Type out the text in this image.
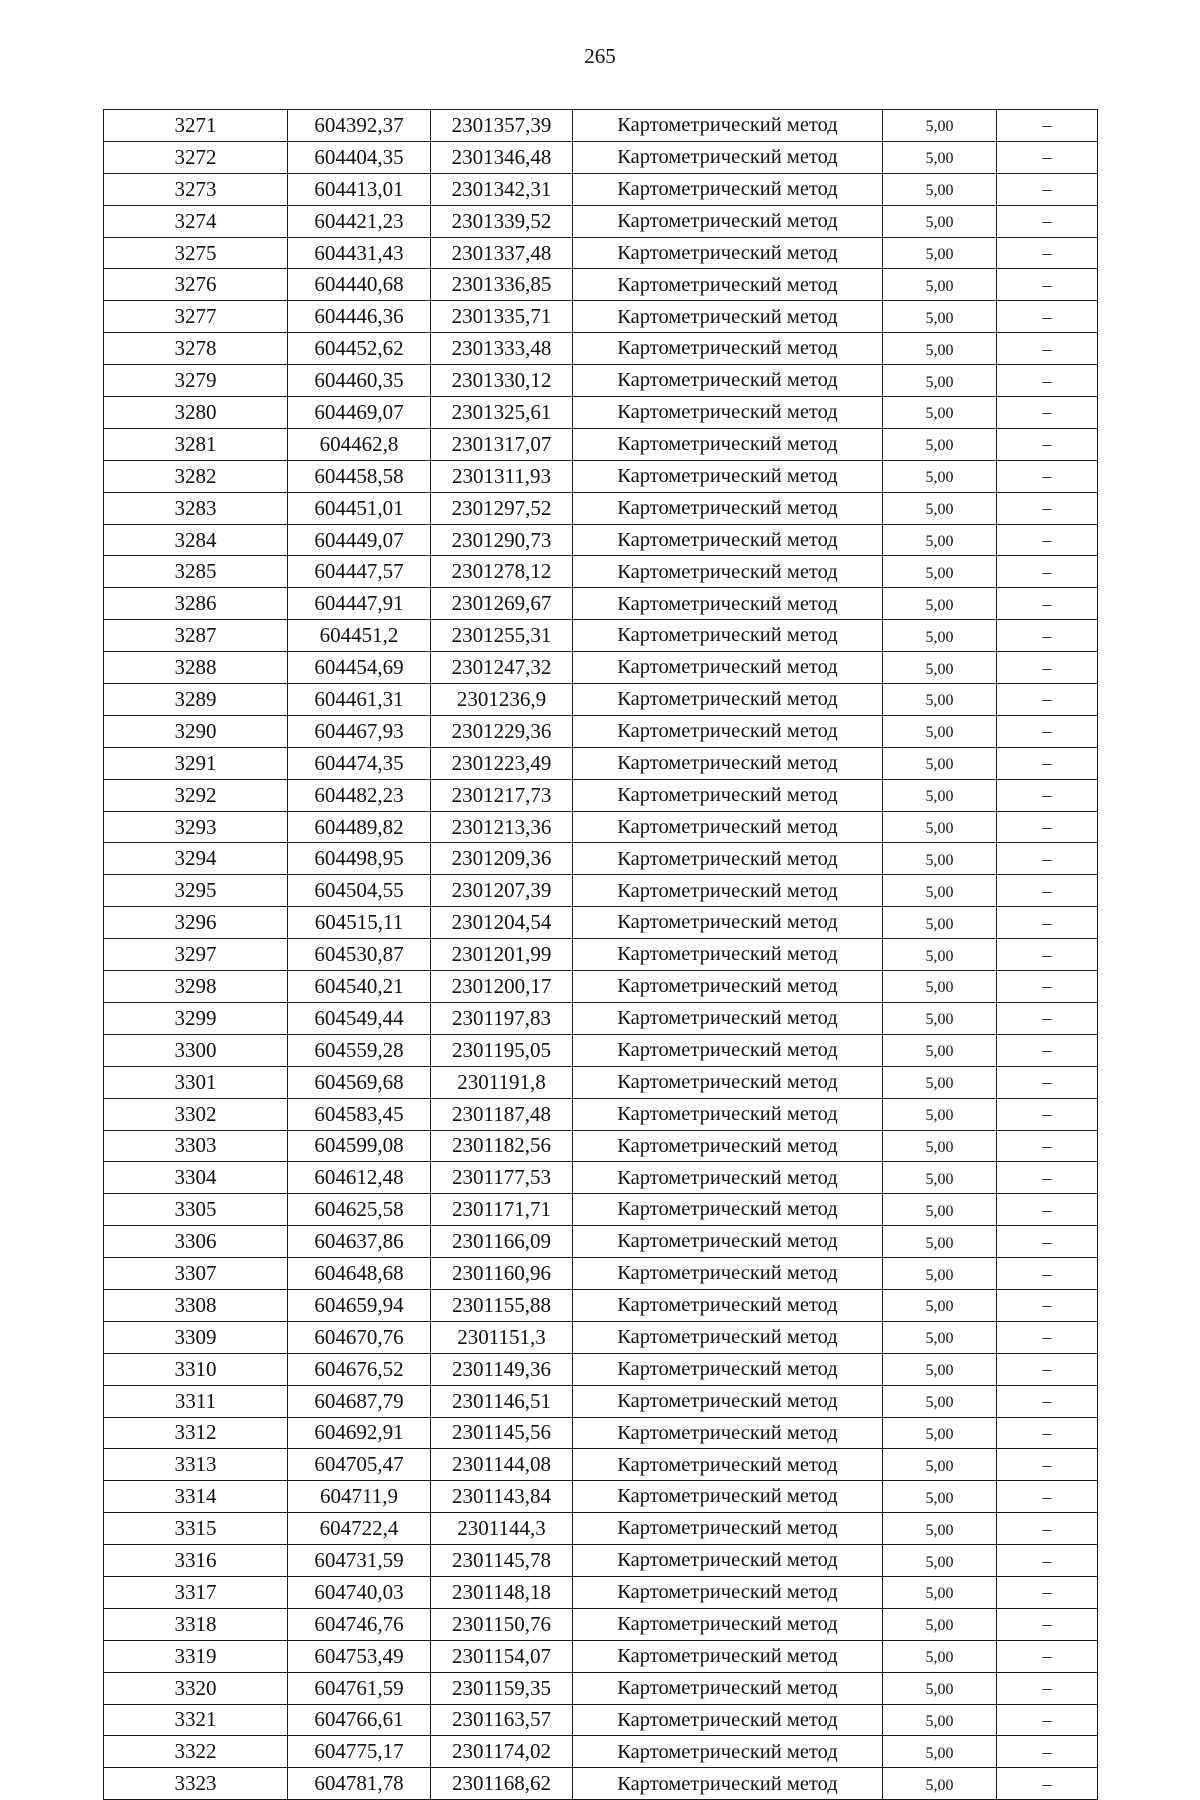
265
3271	604392,37	2301357,39	Картометрический метод	5,00	–
3272	604404,35	2301346,48	Картометрический метод	5,00	–
3273	604413,01	2301342,31	Картометрический метод	5,00	–
3274	604421,23	2301339,52	Картометрический метод	5,00	–
3275	604431,43	2301337,48	Картометрический метод	5,00	–
3276	604440,68	2301336,85	Картометрический метод	5,00	–
3277	604446,36	2301335,71	Картометрический метод	5,00	–
3278	604452,62	2301333,48	Картометрический метод	5,00	–
3279	604460,35	2301330,12	Картометрический метод	5,00	–
3280	604469,07	2301325,61	Картометрический метод	5,00	–
3281	604462,8	2301317,07	Картометрический метод	5,00	–
3282	604458,58	2301311,93	Картометрический метод	5,00	–
3283	604451,01	2301297,52	Картометрический метод	5,00	–
3284	604449,07	2301290,73	Картометрический метод	5,00	–
3285	604447,57	2301278,12	Картометрический метод	5,00	–
3286	604447,91	2301269,67	Картометрический метод	5,00	–
3287	604451,2	2301255,31	Картометрический метод	5,00	–
3288	604454,69	2301247,32	Картометрический метод	5,00	–
3289	604461,31	2301236,9	Картометрический метод	5,00	–
3290	604467,93	2301229,36	Картометрический метод	5,00	–
3291	604474,35	2301223,49	Картометрический метод	5,00	–
3292	604482,23	2301217,73	Картометрический метод	5,00	–
3293	604489,82	2301213,36	Картометрический метод	5,00	–
3294	604498,95	2301209,36	Картометрический метод	5,00	–
3295	604504,55	2301207,39	Картометрический метод	5,00	–
3296	604515,11	2301204,54	Картометрический метод	5,00	–
3297	604530,87	2301201,99	Картометрический метод	5,00	–
3298	604540,21	2301200,17	Картометрический метод	5,00	–
3299	604549,44	2301197,83	Картометрический метод	5,00	–
3300	604559,28	2301195,05	Картометрический метод	5,00	–
3301	604569,68	2301191,8	Картометрический метод	5,00	–
3302	604583,45	2301187,48	Картометрический метод	5,00	–
3303	604599,08	2301182,56	Картометрический метод	5,00	–
3304	604612,48	2301177,53	Картометрический метод	5,00	–
3305	604625,58	2301171,71	Картометрический метод	5,00	–
3306	604637,86	2301166,09	Картометрический метод	5,00	–
3307	604648,68	2301160,96	Картометрический метод	5,00	–
3308	604659,94	2301155,88	Картометрический метод	5,00	–
3309	604670,76	2301151,3	Картометрический метод	5,00	–
3310	604676,52	2301149,36	Картометрический метод	5,00	–
3311	604687,79	2301146,51	Картометрический метод	5,00	–
3312	604692,91	2301145,56	Картометрический метод	5,00	–
3313	604705,47	2301144,08	Картометрический метод	5,00	–
3314	604711,9	2301143,84	Картометрический метод	5,00	–
3315	604722,4	2301144,3	Картометрический метод	5,00	–
3316	604731,59	2301145,78	Картометрический метод	5,00	–
3317	604740,03	2301148,18	Картометрический метод	5,00	–
3318	604746,76	2301150,76	Картометрический метод	5,00	–
3319	604753,49	2301154,07	Картометрический метод	5,00	–
3320	604761,59	2301159,35	Картометрический метод	5,00	–
3321	604766,61	2301163,57	Картометрический метод	5,00	–
3322	604775,17	2301174,02	Картометрический метод	5,00	–
3323	604781,78	2301168,62	Картометрический метод	5,00	–
